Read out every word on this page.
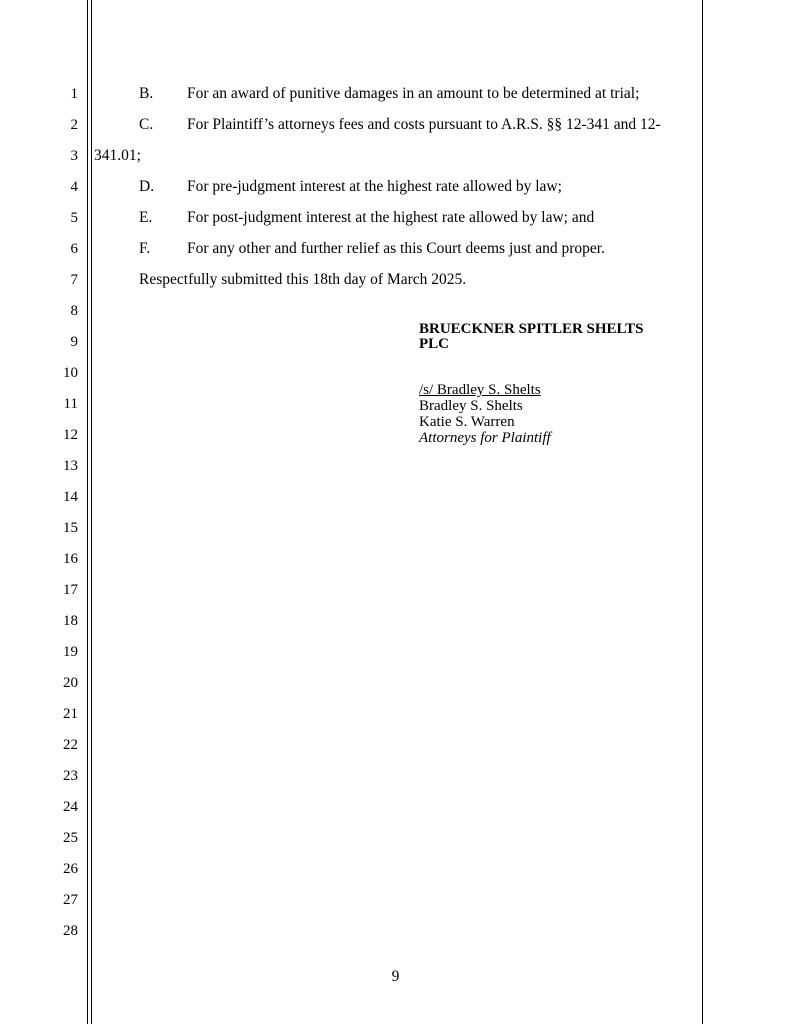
1
2
3
4
5
6
7
8
9
10
11
12
13
14
15
16
17
18
19
20
21
22
23
24
25
26
27
28
B. For an award of punitive damages in an amount to be determined at trial;
C. For Plaintiff’s attorneys fees and costs pursuant to A.R.S. §§ 12-341 and 12-
341.01;
D. For pre-judgment interest at the highest rate allowed by law;
E. For post-judgment interest at the highest rate allowed by law; and
F. For any other and further relief as this Court deems just and proper.
Respectfully submitted this 18th day of March 2025.
BRUECKNER SPITLER SHELTS
PLC
/s/ Bradley S. Shelts
Bradley S. Shelts
Katie S. Warren
Attorneys for Plaintiff
9
